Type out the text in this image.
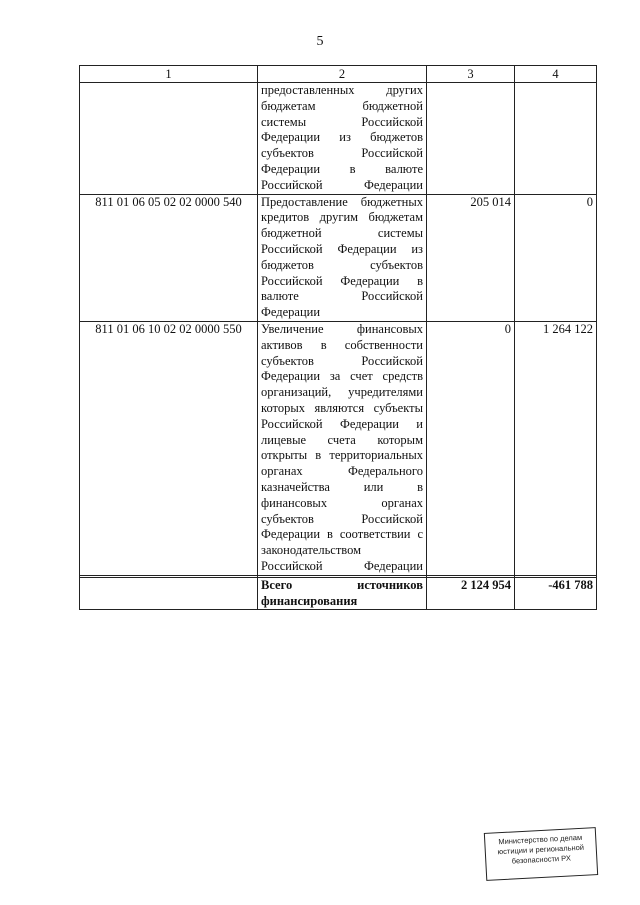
5
1	2	3	4
	предоставленных других бюджетам бюджетной системы Российской Федерации из бюджетов субъектов Российской Федерации в валюте Российской Федерации		
811 01 06 05 02 02 0000 540	Предоставление бюджетных кредитов другим бюджетам бюджетной системы Российской Федерации из бюджетов субъектов Российской Федерации в валюте Российской Федерации	205 014	0
811 01 06 10 02 02 0000 550	Увеличение финансовых активов в собственности субъектов Российской Федерации за счет средств организаций, учредителями которых являются субъекты Российской Федерации и лицевые счета которым открыты в территориальных органах Федерального казначейства или в финансовых органах субъектов Российской Федерации в соответствии с законодательством Российской Федерации	0	1 264 122

	Всего источников финансирования	2 124 954	-461 788
Министерство по делам
юстиции и региональной
безопасности РХ
